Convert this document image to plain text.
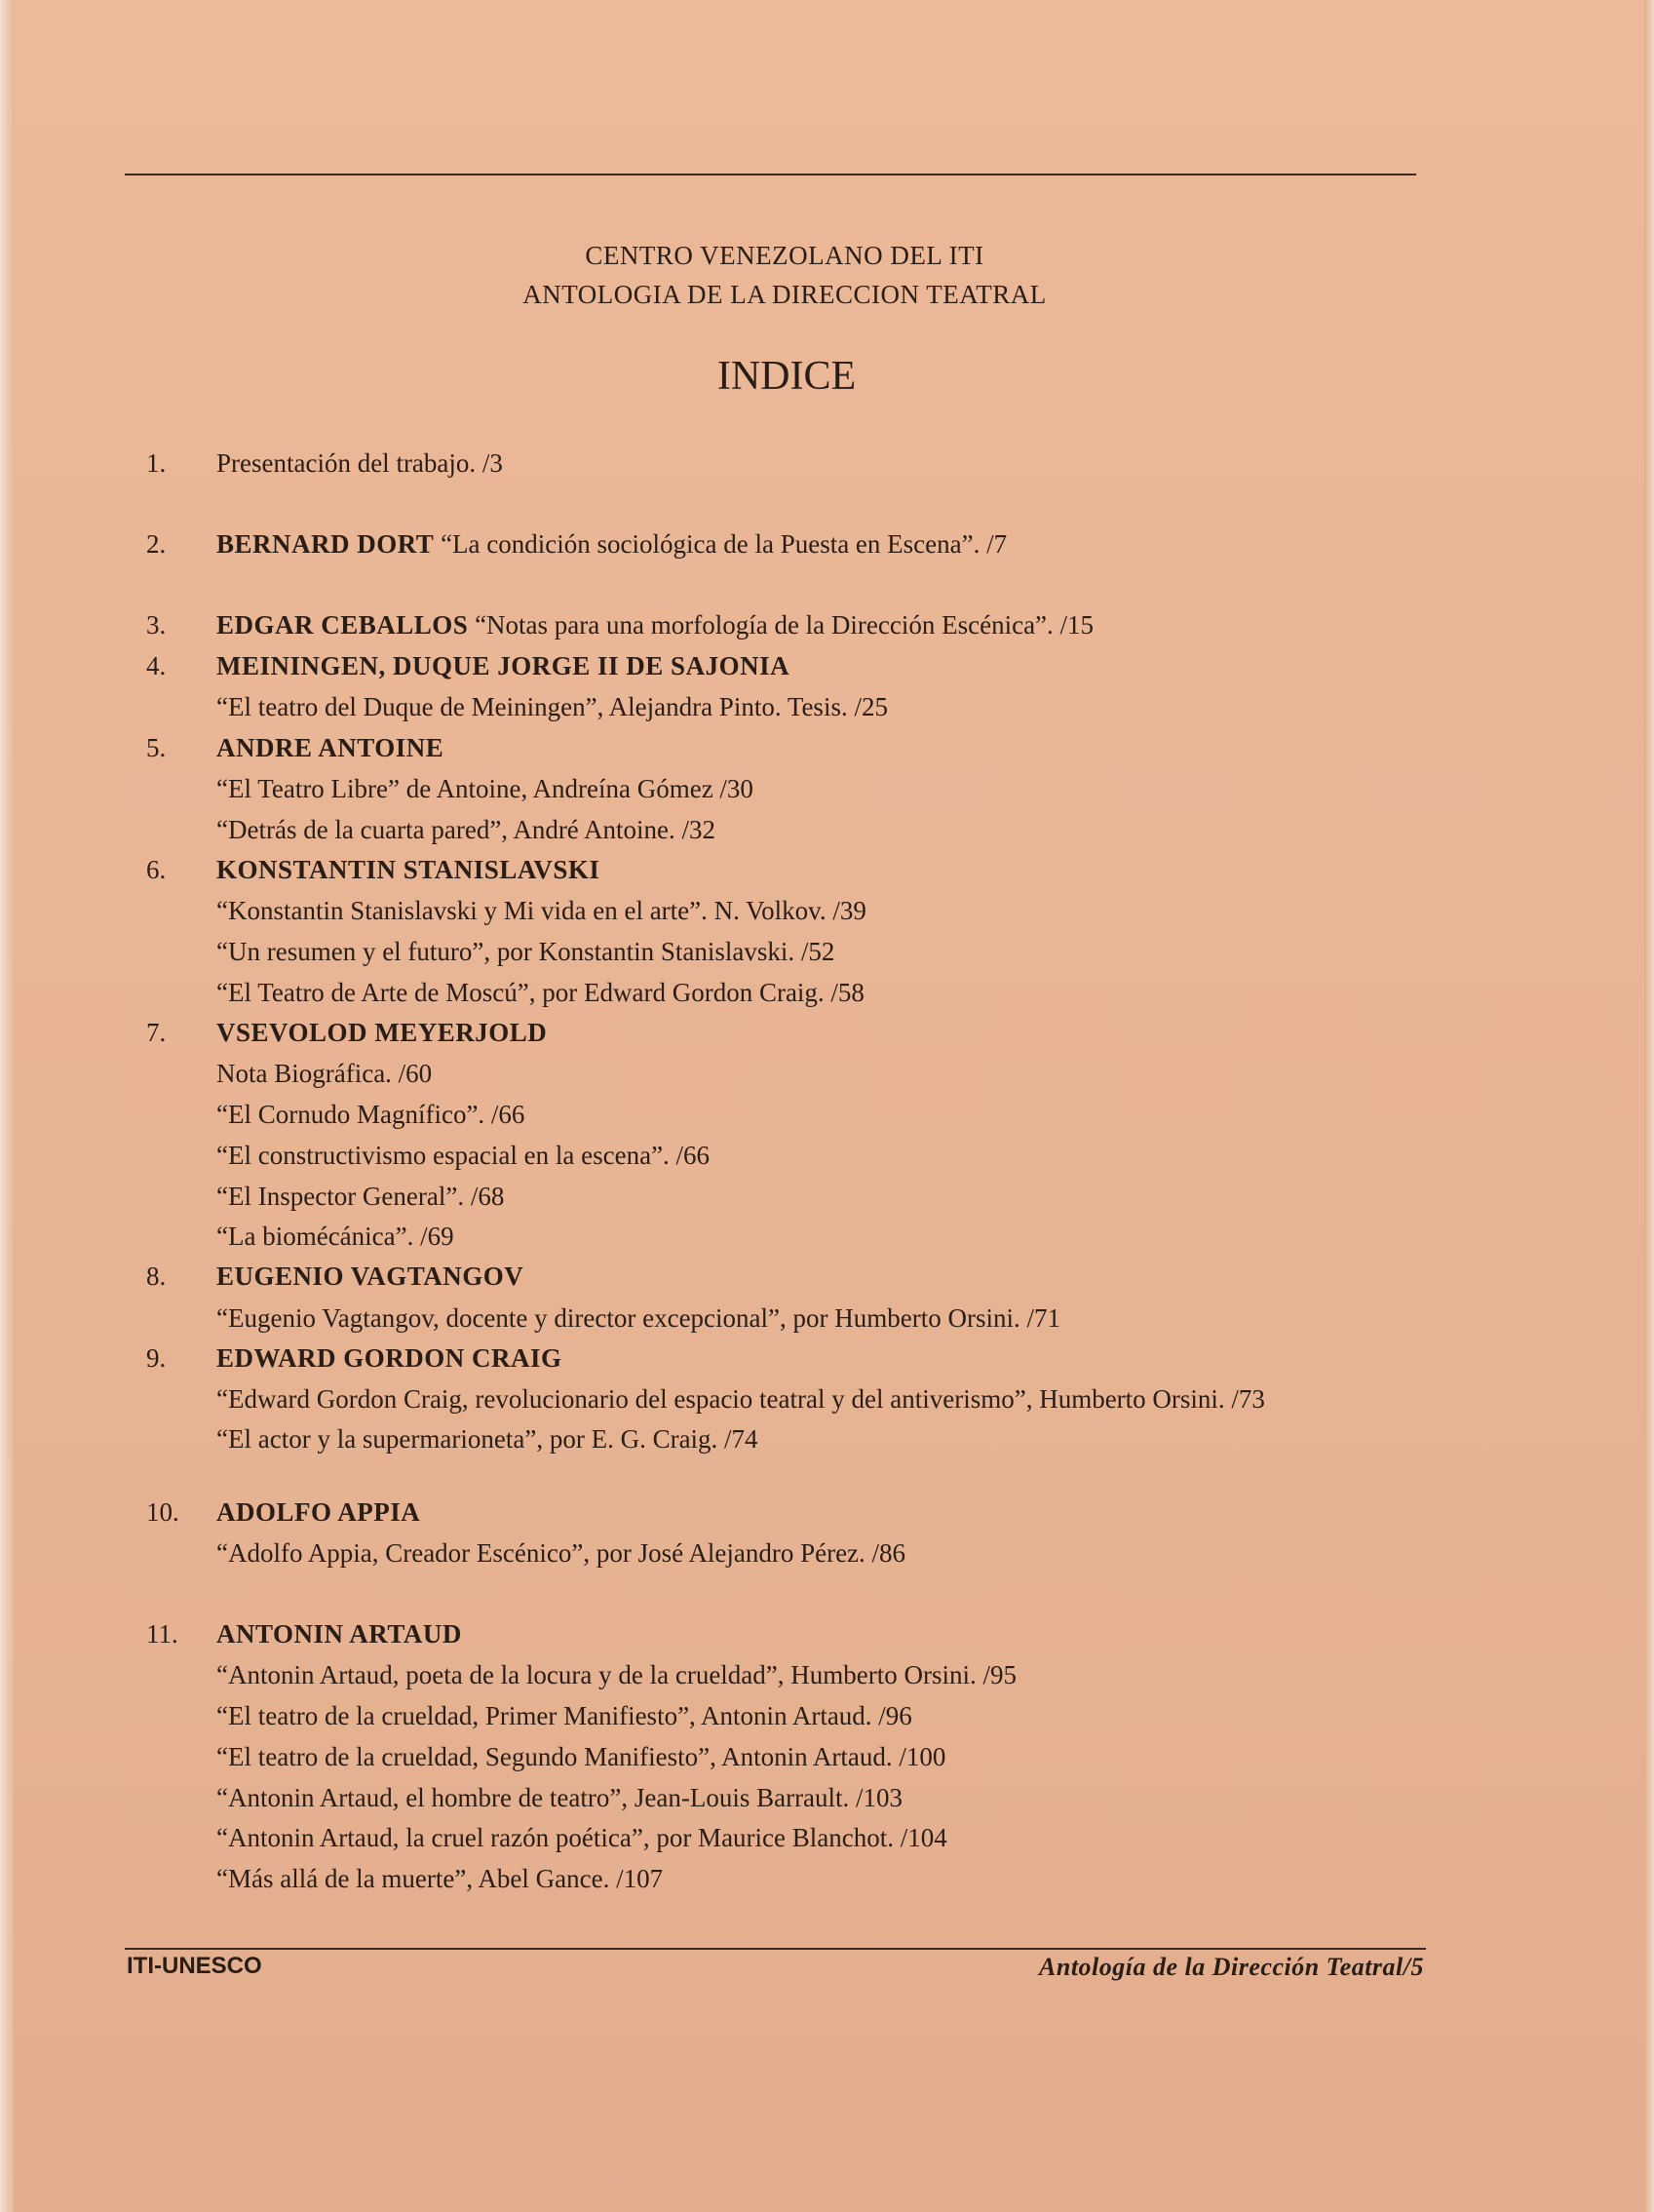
CENTRO VENEZOLANO DEL ITI
ANTOLOGIA DE LA DIRECCION TEATRAL
INDICE
1. Presentación del trabajo. /3
2. BERNARD DORT “La condición sociológica de la Puesta en Escena”. /7
3. EDGAR CEBALLOS “Notas para una morfología de la Dirección Escénica”. /15
4. MEININGEN, DUQUE JORGE II DE SAJONIA
“El teatro del Duque de Meiningen”, Alejandra Pinto. Tesis. /25
5. ANDRE ANTOINE
“El Teatro Libre” de Antoine, Andreína Gómez /30
“Detrás de la cuarta pared”, André Antoine. /32
6. KONSTANTIN STANISLAVSKI
“Konstantin Stanislavski y Mi vida en el arte”. N. Volkov. /39
“Un resumen y el futuro”, por Konstantin Stanislavski. /52
“El Teatro de Arte de Moscú”, por Edward Gordon Craig. /58
7. VSEVOLOD MEYERJOLD
Nota Biográfica. /60
“El Cornudo Magnífico”. /66
“El constructivismo espacial en la escena”. /66
“El Inspector General”. /68
“La biomécánica”. /69
8. EUGENIO VAGTANGOV
“Eugenio Vagtangov, docente y director excepcional”, por Humberto Orsini. /71
9. EDWARD GORDON CRAIG
“Edward Gordon Craig, revolucionario del espacio teatral y del antiverismo”, Humberto Orsini. /73
“El actor y la supermarioneta”, por E. G. Craig. /74
10. ADOLFO APPIA
“Adolfo Appia, Creador Escénico”, por José Alejandro Pérez. /86
11. ANTONIN ARTAUD
“Antonin Artaud, poeta de la locura y de la crueldad”, Humberto Orsini. /95
“El teatro de la crueldad, Primer Manifiesto”, Antonin Artaud. /96
“El teatro de la crueldad, Segundo Manifiesto”, Antonin Artaud. /100
“Antonin Artaud, el hombre de teatro”, Jean-Louis Barrault. /103
“Antonin Artaud, la cruel razón poética”, por Maurice Blanchot. /104
“Más allá de la muerte”, Abel Gance. /107
ITI-UNESCO	Antología de la Dirección Teatral/5
